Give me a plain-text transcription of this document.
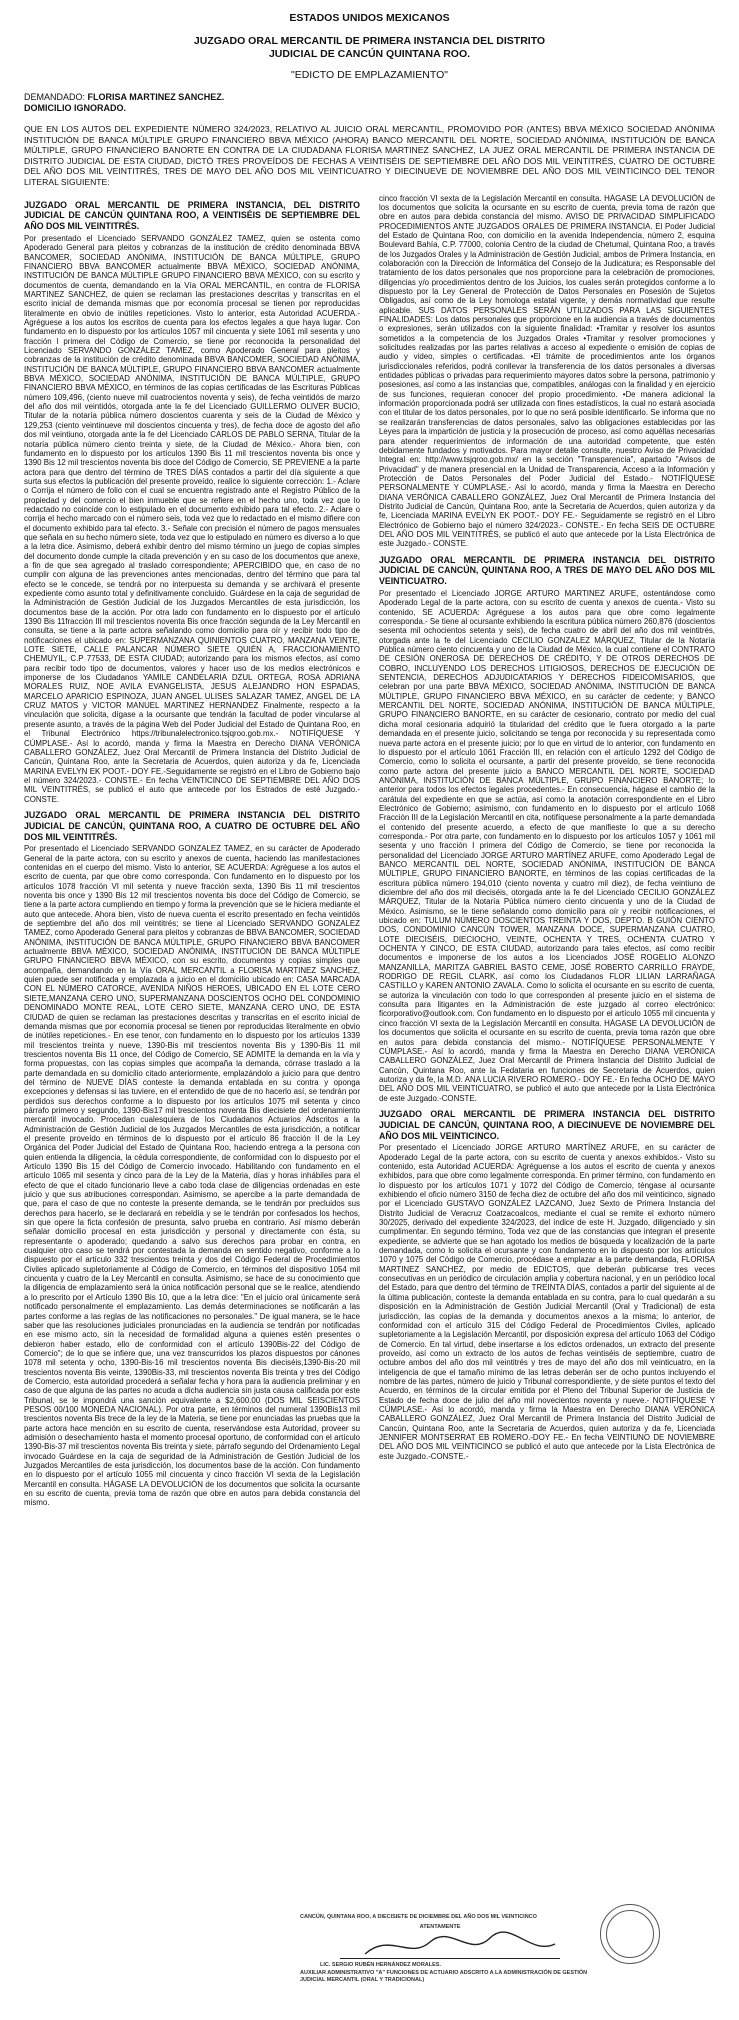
ESTADOS UNIDOS MEXICANOS

JUZGADO ORAL MERCANTIL DE PRIMERA INSTANCIA DEL DISTRITO

JUDICIAL DE CANCÚN QUINTANA ROO.

"EDICTO DE EMPLAZAMIENTO"

DEMANDADO: FLORISA MARTINEZ SANCHEZ.

DOMICILIO IGNORADO.

QUE EN LOS AUTOS DEL EXPEDIENTE NÚMERO 324/2023, RELATIVO AL JUICIO ORAL MERCANTIL, PROMOVIDO POR (ANTES) BBVA MÉXICO SOCIEDAD ANÓNIMA INSTITUCIÓN DE BANCA MÚLTIPLE GRUPO FINANCIERO BBVA MÉXICO (AHORA) BANCO MERCANTIL DEL NORTE, SOCIEDAD ANÓNIMA, INSTITUCIÓN DE BANCA MÚLTIPLE, GRUPO FINANCIERO BANORTE EN CONTRA DE LA CIUDADANA FLORISA MARTINEZ SANCHEZ, LA JUEZ ORAL MERCANTIL DE PRIMERA INSTANCIA DE DISTRITO JUDICIAL DE ESTA CIUDAD, DICTÓ TRES PROVEÍDOS DE FECHAS A VEINTISÉIS DE SEPTIEMBRE DEL AÑO DOS MIL VEINTITRÉS, CUATRO DE OCTUBRE DEL AÑO DOS MIL VEINTITRÉS, TRES DE MAYO DEL AÑO DOS MIL VEINTICUATRO Y DIECINUEVE DE NOVIEMBRE DEL AÑO DOS MIL VEINTICINCO DEL TENOR LITERAL SIGUIENTE:

JUZGADO ORAL MERCANTIL DE PRIMERA INSTANCIA, DEL DISTRITO JUDICIAL DE CANCÚN QUINTANA ROO, A VEINTISÉIS DE SEPTIEMBRE DEL AÑO DOS MIL VEINTITRÉS.

Por presentado el Licenciado SERVANDO GONZÁLEZ TAMEZ, quien se ostenta como Apoderado General para pleitos y cobranzas de la institución de crédito denominada BBVA BANCOMER, SOCIEDAD ANÓNIMA, INSTITUCIÓN DE BANCA MÚLTIPLE, GRUPO FINANCIERO BBVA BANCOMER actualmente BBVA MÉXICO, SOCIEDAD ANÓNIMA, INSTITUCIÓN DE BANCA MÚLTIPLE GRUPO FINANCIERO BBVA MÉXICO, con su escrito y documentos de cuenta, demandando en la Vía ORAL MERCANTIL, en contra de FLORISA MARTINEZ SANCHEZ, de quien se reclaman las prestaciones descritas y transcritas en el escrito inicial de demanda mismas que por economía procesal se tienen por reproducidas literalmente en obvio de inútiles repeticiones. Visto lo anterior, esta Autoridad ACUERDA.- Agréguese a los autos los escritos de cuenta para los efectos legales a que haya lugar. Con fundamento en lo dispuesto por los artículos 1057 mil cincuenta y siete 1061 mil sesenta y uno fracción I primera del Código de Comercio, se tiene por reconocida la personalidad del Licenciado SERVANDO GONZÁLEZ TAMEZ, como Apoderado General para pleitos y cobranzas de la institución de crédito denominada BBVA BANCOMER, SOCIEDAD ANÓNIMA, INSTITUCIÓN DE BANCA MÚLTIPLE, GRUPO FINANCIERO BBVA BANCOMER actualmente BBVA MÉXICO, SOCIEDAD ANÓNIMA, INSTITUCIÓN DE BANCA MÚLTIPLE, GRUPO FINANCIERO BBVA MÉXICO, en términos de las copias certificadas de las Escrituras Públicas número 109,496, (ciento nueve mil cuatrocientos noventa y seis), de fecha veintidós de marzo del año dos mil veintidós, otorgada ante la fe del Licenciado GUILLERMO OLIVER BUCIO, Titular de la notaría pública número doscientos cuarenta y seis de la Ciudad de México y 129,253 (ciento veintinueve mil doscientos cincuenta y tres), de fecha doce de agosto del año dos mil veintiuno, otorgada ante la fe del Licenciado CARLOS DE PABLO SERNA, Titular de la notaría pública número ciento treinta y siete, de la Ciudad de México.- Ahora bien, con fundamento en lo dispuesto por los artículos 1390 Bis 11 mil trescientos noventa bis once y 1390 Bis 12 mil trescientos noventa bis doce del Código de Comercio, SE PREVIENE a la parte actora para que dentro del término de TRES DÍAS contados a partir del día siguiente a que surta sus efectos la publicación del presente proveído, realice lo siguiente corrección: 1.- Aclare o Corrija el número de folio con el cual se encuentra registrado ante el Registro Público de la propiedad y del comercio el bien inmueble que se refiere en el hecho uno, toda vez que lo redactado no coincide con lo estipulado en el documento exhibido para tal efecto. 2.- Aclare o corrija el hecho marcado con el número seis, toda vez que lo redactado en el mismo difiere con el documento exhibido para tal efecto. 3.- Señale con precisión el número de pagos mensuales que señala en su hecho número siete, toda vez que lo estipulado en número es diverso a lo que a la letra dice. Asimismo, deberá exhibir dentro del mismo término un juego de copias simples del documento donde cumple la citada prevención y en su caso de los documentos que anexe, a fin de que sea agregado al traslado correspondiente; APERCIBIDO que, en caso de no cumplir con alguna de las prevenciones antes mencionadas, dentro del término que para tal efecto se le concede, se tendrá por no interpuesta su demanda y se archivará el presente expediente como asunto total y definitivamente concluido. Guárdese en la caja de seguridad de la Administración de Gestión Judicial de los Juzgados Mercantiles de esta jurisdicción, los documentos base de la acción. Por otra lado con fundamento en lo dispuesto por el artículo 1390 Bis 11fracción III mil trescientos noventa Bis once fracción segunda de la Ley Mercantil en consulta, se tiene a la parte actora señalando como domicilio para oír y recibir todo tipo de notificaciones el ubicado en: SUPERMANZANA QUINIENTOS CUATRO, MANZANA VEINTE, LOTE SIETE, CALLE PALANCAR NÚMERO SIETE QUIÉN A, FRACCIONAMIENTO CHEMUYIL, C.P 77533, DE ESTA CIUDAD; autorizando para los mismos efectos, así como para recibir todo tipo de documentos, valores y hacer uso de los medios electrónicos e imponerse de los Ciudadanos YAMILE CANDELARIA DZUL ORTEGA, ROSA ADRIANA MORALES RUIZ, NOE AVILA EVANGELISTA, JESUS ALEJANDRO HON ESPADAS, MARCELO APARICIO ESPINOZA, JUAN ANGEL ULISES SALAZAR TAMEZ, ANGEL DE LA CRUZ MATOS y VICTOR MANUEL MARTINEZ HERNANDEZ Finalmente, respecto a la vinculación que solicita, dígase a la ocursante que tendrán la facultad de poder vincularse al presente asunto, a través de la página Web del Poder Judicial del Estado de Quintana Roo, en el Tribunal Electrónico https://tribunalelectronico.tsjqroo.gob.mx.- NOTIFÍQUESE Y CÚMPLASE.- Así lo acordó, manda y firma la Maestra en Derecho DIANA VERÓNICA CABALLERO GONZÁLEZ, Juez Oral Mercantil de Primera Instancia del Distrito Judicial de Cancún, Quintana Roo, ante la Secretaria de Acuerdos, quien autoriza y da fe, Licenciada MARINA EVELYN EK POOT.- DOY FE.-Seguidamente se registró en el Libro de Gobierno bajo el número 324/2023.- CONSTE.- En fecha VEINTICINCO DE SEPTIEMBRE DEL AÑO DOS MIL VEINTITRÉS, se publicó el auto que antecede por los Estrados de esté Juzgado.- CONSTE.

JUZGADO ORAL MERCANTIL DE PRIMERA INSTANCIA DEL DISTRITO JUDICIAL DE CANCÚN, QUINTANA ROO, A CUATRO DE OCTUBRE DEL AÑO DOS MIL VEINTITRÉS.

Por presentado el Licenciado SERVANDO GONZALEZ TAMEZ, en su carácter de Apoderado General de la parte actora, con su escrito y anexos de cuenta, haciendo las manifestaciones contenidas en el cuerpo del mismo. Visto lo anterior, SE ACUERDA: Agréguese a los autos el escrito de cuenta, par que obre como corresponda. Con fundamento en lo dispuesto por los artículos 1078 fracción VI mil setenta y nueve fracción sexta, 1390 Bis 11 mil trescientos noventa bis once y 1390 Bis 12 mil trescientos noventa bis doce del Código de Comercio, se tiene a la parte actora cumpliendo en tiempo y forma la prevención que se le hiciera mediante el auto que antecede. Ahora bien, visto de nueva cuenta el escrito presentado en fecha veintidós de septiembre del año dos mil veintitrés; se tiene al Licenciado SERVANDO GONZALEZ TAMEZ, como Apoderado General para pleitos y cobranzas de BBVA BANCOMER, SOCIEDAD ANÓNIMA, INSTITUCIÓN DE BANCA MÚLTIPLE, GRUPO FINANCIERO BBVA BANCOMER actualmente BBVA MÉXICO, SOCIEDAD ANÓNIMA, INSTITUCIÓN DE BANCA MÚLTIPLE GRUPO FINANCIERO BBVA MÉXICO, con su escrito, documentos y copias simples que acompaña, demandando en la Vía ORAL MERCANTIL a FLORISA MARTINEZ SANCHEZ, quien puede ser notificada y emplazada a juicio en el domicilio ubicado en: CASA MARCADA CON EL NÚMERO CATORCE, AVENIDA NIÑOS HEROES, UBICADO EN EL LOTE CERO SIETE,MANZANA CERO UNO, SUPERMANZANA DOSCIENTOS OCHO DEL CONDOMINIO DENOMINADO MONTE REAL, LOTE CERO SIETE, MANZANA CERO UNO, DE ESTA CIUDAD de quien se reclaman las prestaciones descritas y transcritas en el escrito inicial de demanda mismas que por economía procesal se tienen por reproducidas literalmente en obvio de inútiles repeticiones.- En ese tenor, con fundamento en lo dispuesto por los artículos 1339 mil trescientos treinta y nueve, 1390-Bis mil trescientos noventa Bis y 1390-Bis 11 mil trescientos noventa Bis 11 once, del Código de Comercio, SE ADMITE la demanda en la vía y forma propuestas, con las copias simples que acompaña la demanda, córrase traslado a la parte demandada en su domicilio citado anteriormente, emplazándolo a juicio para que dentro del término de NUEVE DÍAS conteste la demanda entablada en su contra y oponga excepciones y defensas si las tuviere, en el entendido de que de no hacerlo así, se tendrán por perdidos sus derechos conforme a lo dispuesto por los artículos 1075 mil setenta y cinco párrafo primero y segundo, 1390-Bis17 mil trescientos noventa Bis diecisiete del ordenamiento mercantil invocado. Procedan cualesquiera de los Ciudadanos Actuarios Adscritos a la Administración de Gestión Judicial de los Juzgados Mercantiles de esta jurisdicción, a notificar el presente proveído en términos de lo dispuesto por el artículo 86 fracción II de la Ley Orgánica del Poder Judicial del Estado de Quintana Roo, haciendo entrega a la persona con quien entienda la diligencia, la cédula correspondiente, de conformidad con lo dispuesto por el Artículo 1390 Bis 15 del Código de Comercio invocado. Habilitando con fundamento en el artículo 1065 mil sesenta y cinco para de la Ley de la Materia, días y horas inhábiles para el efecto de que el citado funcionario lleve a cabo toda clase de diligencias ordenadas en este juicio y que sus atribuciones correspondan. Asimismo, se apercibe a la parte demandada de que, para el caso de que no conteste la presente demanda, se le tendrán por precluidos sus derechos para hacerlo, se le declarará en rebeldía y se le tendrán por confesados los hechos, sin que opere la ficta confesión de presunta, salvo prueba en contrario. Así mismo deberán señalar domicilio procesal en esta jurisdicción y personal y directamente con ésta, su representante o apoderado; quedando a salvo sus derechos para probar en contra, en cualquier otro caso se tendrá por contestada la demanda en sentido negativo, conforme a lo dispuesto por el artículo 332 trescientos treinta y dos del Código Federal de Procedimientos Civiles aplicado supletoriamente al Código de Comercio, en términos del dispositivo 1054 mil cincuenta y cuatro de la Ley Mercantil en consulta. Asimismo, se hace de su conocimiento que la diligencia de emplazamiento será la única notificación personal que se le realice, atendiendo a lo prescrito por el Artículo 1390 Bis 10, que a la letra dice: "En el juicio oral únicamente será notificado personalmente el emplazamiento. Las demás determinaciones se notificarán a las partes conforme a las reglas de las notificaciones no personales." De igual manera, se le hace saber que las resoluciones judiciales pronunciadas en la audiencia se tendrán por notificadas en ese mismo acto, sin la necesidad de formalidad alguna a quienes estén presentes o debieron haber estado, ello de conformidad con el artículo 1390Bis-22 del Código de Comercio"; de lo que se infiere que, una vez transcurridos los plazos dispuestos por cánones 1078 mil setenta y ocho, 1390-Bis-16 mil trescientos noventa Bis dieciséis,1390-Bis-20 mil trescientos noventa Bis veinte, 1390Bis-33, mil trescientos noventa Bis treinta y tres del Código de Comercio, esta autoridad procederá a señalar fecha y hora para la audiencia preliminar y en caso de que alguna de las partes no acuda a dicha audiencia sin justa causa calificada por este Tribunal, se le impondrá una sanción equivalente a $2,600.00 (DOS MIL SEISCIENTOS PESOS 00/100 MONEDA NACIONAL). Por otra parte, en términos del numeral 1390Bis13 mil trescientos noventa Bis trece de la ley de la Materia, se tiene por enunciadas las pruebas que la parte actora hace mención en su escrito de cuenta, reservándose esta Autoridad, proveer su admisión o desechamiento hasta el momento procesal oportuno, de conformidad con el artículo 1390-Bis-37 mil trescientos noventa Bis treinta y siete, párrafo segundo del Ordenamiento Legal invocado Guárdese en la caja de seguridad de la Administración de Gestión Judicial de los Juzgados Mercantiles de esta jurisdicción, los documentos base de la acción. Con fundamento en lo dispuesto por el artículo 1055 mil cincuenta y cinco fracción VI sexta de la Legislación Mercantil en consulta. HÁGASE LA DEVOLUCIÓN de los documentos que solicita la ocursante en su escrito de cuenta, previa toma de razón que obre en autos para debida constancia del mismo.

cinco fracción VI sexta de la Legislación Mercantil en consulta. HÁGASE LA DEVOLUCIÓN de los documentos que solicita la ocursante en su escrito de cuenta, previa toma de razón que obre en autos para debida constancia del mismo. AVISO DE PRIVACIDAD SIMPLIFICADO PROCEDIMIENTOS ANTE JUZGADOS ORALES DE PRIMERA INSTANCIA. El Poder Judicial del Estado de Quintana Roo, con domicilio en la avenida Independencia, número 2, esquina Boulevard Bahía, C.P. 77000, colonia Centro de la ciudad de Chetumal, Quintana Roo, a través de los Juzgados Orales y la Administración de Gestión Judicial, ambos de Primera Instancia, en colaboración con la Dirección de Informática del Consejo de la Judicatura; es Responsable del tratamiento de los datos personales que nos proporcione para la celebración de promociones, diligencias y/o procedimientos dentro de los Juicios, los cuales serán protegidos conforme a lo dispuesto por la Ley General de Protección de Datos Personales en Posesión de Sujetos Obligados, así como de la Ley homologa estatal vigente, y demás normatividad que resulte aplicable. SUS DATOS PERSONALES SERÁN UTILIZADOS PARA LAS SIGUIENTES FINALIDADES: Los datos personales que proporcione en la audiencia a través de documentos o expresiones, serán utilizados con la siguiente finalidad: •Tramitar y resolver los asuntos sometidos a la competencia de los Juzgados Orales •Tramitar y resolver promociones y solicitudes realizadas por las partes relativas a acceso al expediente o emisión de copias de audio y video, simples o certificadas. •El trámite de procedimientos ante los órganos jurisdiccionales referidos, podrá conllevar la transferencia de los datos personales a diversas entidades públicas o privadas para requerimiento mayores datos sobre la persona, patrimonio y posesiones, así como a las instancias que, compatibles, análogas con la finalidad y en ejercicio de sus funciones, requieran conocer del propio procedimiento. •De manera adicional la información proporcionada podrá ser utilizada con fines estadísticos, la cual no estará asociada con el titular de los datos personales, por lo que no será posible identificarlo. Se informa que no se realizarán transferencias de datos personales, salvo las obligaciones establecidas por las Leyes para la impartición de justicia y la prosecución de proceso, así como aquéllas necesarias para atender requerimientos de información de una autoridad competente, que estén debidamente fundados y motivados. Para mayor detalle consulte, nuestro Aviso de Privacidad Integral en: http://www.tsjqroo.gob.mx/ en la sección "Transparencia", apartado "Avisos de Privacidad" y de manera presencial en la Unidad de Transparencia, Acceso a la Información y Protección de Datos Personales del Poder Judicial del Estado.- NOTIFÍQUESE PERSONALMENTE Y CÚMPLASE.- Así lo acordó, manda y firma la Maestra en Derecho DIANA VERÓNICA CABALLERO GONZÁLEZ, Juez Oral Mercantil de Primera Instancia del Distrito Judicial de Cancún, Quintana Roo, ante la Secretaria de Acuerdos, quien autoriza y da fe, Licenciada MARINA EVELYN EK POOT.- DOY FE.- Seguidamente se registró en el Libro Electrónico de Gobierno bajo el número 324/2023.- CONSTE.- En fecha SEIS DE OCTUBRE DEL AÑO DOS MIL VEINTITRÉS, se publicó el auto que antecede por la Lista Electrónica de este Juzgado.- CONSTE.

JUZGADO ORAL MERCANTIL DE PRIMERA INSTANCIA DEL DISTRITO JUDICIAL DE CANCÚN, QUINTANA ROO, A TRES DE MAYO DEL AÑO DOS MIL VEINTICUATRO.

Por presentado el Licenciado JORGE ARTURO MARTINEZ ARUFE, ostentándose como Apoderado Legal de la parte actora, con su escrito de cuenta y anexos de cuenta.- Visto su contenido, SE ACUERDA: Agréguese a los autos para que obre como legalmente corresponda.- Se tiene al ocursante exhibiendo la escritura pública número 260,876 (doscientos sesenta mil ochocientos setenta y seis), de fecha cuatro de abril del año dos mil veintitrés, otorgada ante la fe del Licenciado CECILIO GONZALEZ MÁRQUEZ, Titular de la Notaría Pública número ciento cincuenta y uno de la Ciudad de México, la cual contiene el CONTRATO DE CESIÓN ONEROSA DE DERECHOS DE CRÉDITO, Y DE OTROS DERECHOS DE COBRO, INCLUYENDO LOS DERECHOS LITIGIOSOS, DERECHOS DE EJECUCIÓN DE SENTENCIA, DERECHOS ADJUDICATARIOS Y DERECHOS FIDEICOMISARIOS, que celebran por una parte BBVA MÉXICO, SOCIEDAD ANÓNIMA, INSTITUCIÓN DE BANCA MÚLTIPLE, GRUPO FINANCIERO BBVA MÉXICO, en su carácter de cedente; y BANCO MERCANTIL DEL NORTE, SOCIEDAD ANÓNIMA, INSTITUCIÓN DE BANCA MÚLTIPLE, GRUPO FINANCIERO BANORTE, en su carácter de cesionario, contrato por medio del cual dicha moral cesionaria adquirió la titularidad del crédito que le fuera otorgado a la parte demandada en el presente juicio, solicitando se tenga por reconocida y su representada como nueva parte actora en el presente juicio; por lo que en virtud de lo anterior, con fundamento en lo dispuesto por el artículo 1061 Fracción III, en relación con el artículo 1292 del Código de Comercio, como lo solicita el ocursante, a partir del presente proveído, se tiene reconocida como parte actora del presente juicio a BANCO MERCANTIL DEL NORTE, SOCIEDAD ANÓNIMA, INSTITUCIÓN DE BANCA MÚLTIPLE, GRUPO FINANCIERO BANORTE; lo anterior para todos los efectos legales procedentes.- En consecuencia, hágase el cambio de la carátula del expediente en que se actúa, así como la anotación correspondiente en el Libro Electrónico de Gobierno; asimismo, con fundamento en lo dispuesto por el artículo 1068 Fracción III de la Legislación Mercantil en cita, notifíquese personalmente a la parte demandada el contenido del presente acuerdo, a efecto de que manifieste lo que a su derecho corresponda.- Por otra parte, con fundamento en lo dispuesto por los artículos 1057 y 1061 mil sesenta y uno fracción I primera del Código de Comercio, se tiene por reconocida la personalidad del Licenciado JORGE ARTURO MARTÍNEZ ARUFE, como Apoderado Legal de BANCO MERCANTIL DEL NORTE, SOCIEDAD ANÓNIMA, INSTITUCIÓN DE BANCA MÚLTIPLE, GRUPO FINANCIERO BANORTE, en términos de las copias certificadas de la escritura pública número 194,010 (ciento noventa y cuatro mil diez), de fecha veintiuno de diciembre del año dos mil dieciséis, otorgada ante la fe del Licenciado CECILIO GONZÁLEZ MÁRQUEZ, Titular de la Notaría Pública número ciento cincuenta y uno de la Ciudad de México. Asimismo, se le tiene señalando como domicilio para oír y recibir notificaciones, el ubicado en: TULUM NÚMERO DOSCIENTOS TREINTA Y DOS, DEPTO. B GUIÓN CIENTO DOS, CONDOMINIO CANCÚN TOWER, MANZANA DOCE, SUPERMANZANA CUATRO, LOTE DIECISÉIS, DIECIOCHO, VEINTE, OCHENTA Y TRES, OCHENTA CUATRO Y OCHENTA Y CINCO, DE ESTA CIUDAD, autorizando para tales efectos, así como recibir documentos e imponerse de los autos a los Licenciados JOSÉ ROGELIO ALONZO MANZANILLA, MARITZA GABRIEL BASTO CEME, JOSÉ ROBERTO CARRILLO FRAYDE, RODRIGO DE REGIL CLARK, así como los Ciudadanos FLOR LILIAN LARRAÑAGA CASTILLO y KAREN ANTONIO ZAVALA. Como lo solicita el ocursante en su escrito de cuenta, se autoriza la vinculación con todo lo que corresponden al presente juicio en el sistema de consulta para litigantes en la Administración de este juzgado al correo electrónico: ficorporativo@outlook.com. Con fundamento en lo dispuesto por el artículo 1055 mil cincuenta y cinco fracción VI sexta de la Legislación Mercantil en consulta. HÁGASE LA DEVOLUCIÓN de los documentos que solicita el ocursante en su escrito de cuenta, previa toma razón que obre en autos para debida constancia del mismo.- NOTIFÍQUESE PERSONALMENTE Y CÚMPLASE.- Así lo acordó, manda y firma la Maestra en Derecho DIANA VERÓNICA CABALLERO GONZÁLEZ, Juez Oral Mercantil de Primera Instancia del Distrito Judicial de Cancún, Quintana Roo, ante la Fedataria en funciones de Secretaria de Acuerdos, quien autoriza y da fe, la M.D. ANA LUCIA RIVERO ROMERO.- DOY FE.- En fecha OCHO DE MAYO DEL AÑO DOS MIL VEINTICUATRO, se publicó el auto que antecede por la Lista Electrónica de este Juzgado.-CONSTE.

JUZGADO ORAL MERCANTIL DE PRIMERA INSTANCIA DEL DISTRITO JUDICIAL DE CANCÚN, QUINTANA ROO, A DIECINUEVE DE NOVIEMBRE DEL AÑO DOS MIL VEINTICINCO.

Por presentado el Licenciado JORGE ARTURO MARTÍNEZ ARUFE, en su carácter de Apoderado Legal de la parte actora, con su escrito de cuenta y anexos exhibidos.- Visto su contenido, esta Autoridad ACUERDA: Agréguense a los autos el escrito de cuenta y anexos exhibidos, para que obre como legalmente corresponda. En primer término, con fundamento en lo dispuesto por los artículos 1071 y 1072 del Código de Comercio, téngase al ocursante exhibiendo el oficio número 3150 de fecha diez de octubre del año dos mil veinticinco, signado por el Licenciado GUSTAVO GONZÁLEZ LAZCANO, Juez Sexto de Primera Instancia del Distrito Judicial de Veracruz Coatzacoalcos, mediante el cual se remite el exhorto número 30/2025, derivado del expediente 324/2023, del índice de este H. Juzgado, diligenciado y sin cumplimentar. En segundo término, Toda vez que de las constancias que integran el presente expediente, se advierte que se han agotado los medios de búsqueda y localización de la parte demandada, como lo solicita el ocursante y con fundamento en lo dispuesto por los artículos 1070 y 1075 del Código de Comercio, procédase a emplazar a la parte demandada, FLORISA MARTINEZ SANCHEZ, por medio de EDICTOS, que deberán publicarse tres veces consecutivas en un periódico de circulación amplia y cobertura nacional, y en un periódico local del Estado, para que dentro del término de TREINTA DÍAS, contados a partir del siguiente al de la última publicación, conteste la demanda entablada en su contra, para lo cual quedarán a su disposición en la Administración de Gestión Judicial Mercantil (Oral y Tradicional) de esta jurisdicción, las copias de la demanda y documentos anexos a la misma; lo anterior, de conformidad con el artículo 315 del Código Federal de Procedimientos Civiles, aplicado supletoriamente a la Legislación Mercantil, por disposición expresa del artículo 1063 del Código de Comercio. En tal virtud, debe insertarse a los edictos ordenados, un extracto del presente proveído, así como un extracto de los autos de fechas veintiséis de septiembre, cuatro de octubre ambos del año dos mil veintitrés y tres de mayo del año dos mil veinticuatro, en la inteligencia de que el tamaño mínimo de las letras deberán ser de ocho puntos incluyendo el nombre de las partes, número de juicio y Tribunal correspondiente, y de siete puntos el texto del Acuerdo, en términos de la circular emitida por el Pleno del Tribunal Superior de Justicia de Estado de fecha doce de julio del año mil novecientos noventa y nueve.- NOTIFÍQUESE Y CÚMPLASE.- Así lo acordó, manda y firma la Maestra en Derecho DIANA VERÓNICA CABALLERO GONZÁLEZ, Juez Oral Mercantil de Primera Instancia del Distrito Judicial de Cancún, Quintana Roo, ante la Secretaria de Acuerdos, quien autoriza y da fe, Licenciada JENNIFER MONTSERRAT EB ROMERO.-DOY FE.- En fecha VEINTIUNO DE NOVIEMBRE DEL AÑO DOS MIL VEINTICINCO se publicó el auto que antecede por la Lista Electrónica de este Juzgado.-CONSTE.-

CANCÚN, QUINTANA ROO, A DIECISIETE DE DICIEMBRE DEL AÑO DOS MIL VEINTICINCO
ATENTAMENTE
LIC. SERGIO RUBÉN HERNÁNDEZ MORALES.
AUXILIAR ADMINISTRATIVO "A" FUNCIONES DE ACTUARIO ADSCRITO A LA ADMINISTRACIÓN DE GESTIÓN JUDICIAL MERCANTIL (ORAL Y TRADICIONAL)
